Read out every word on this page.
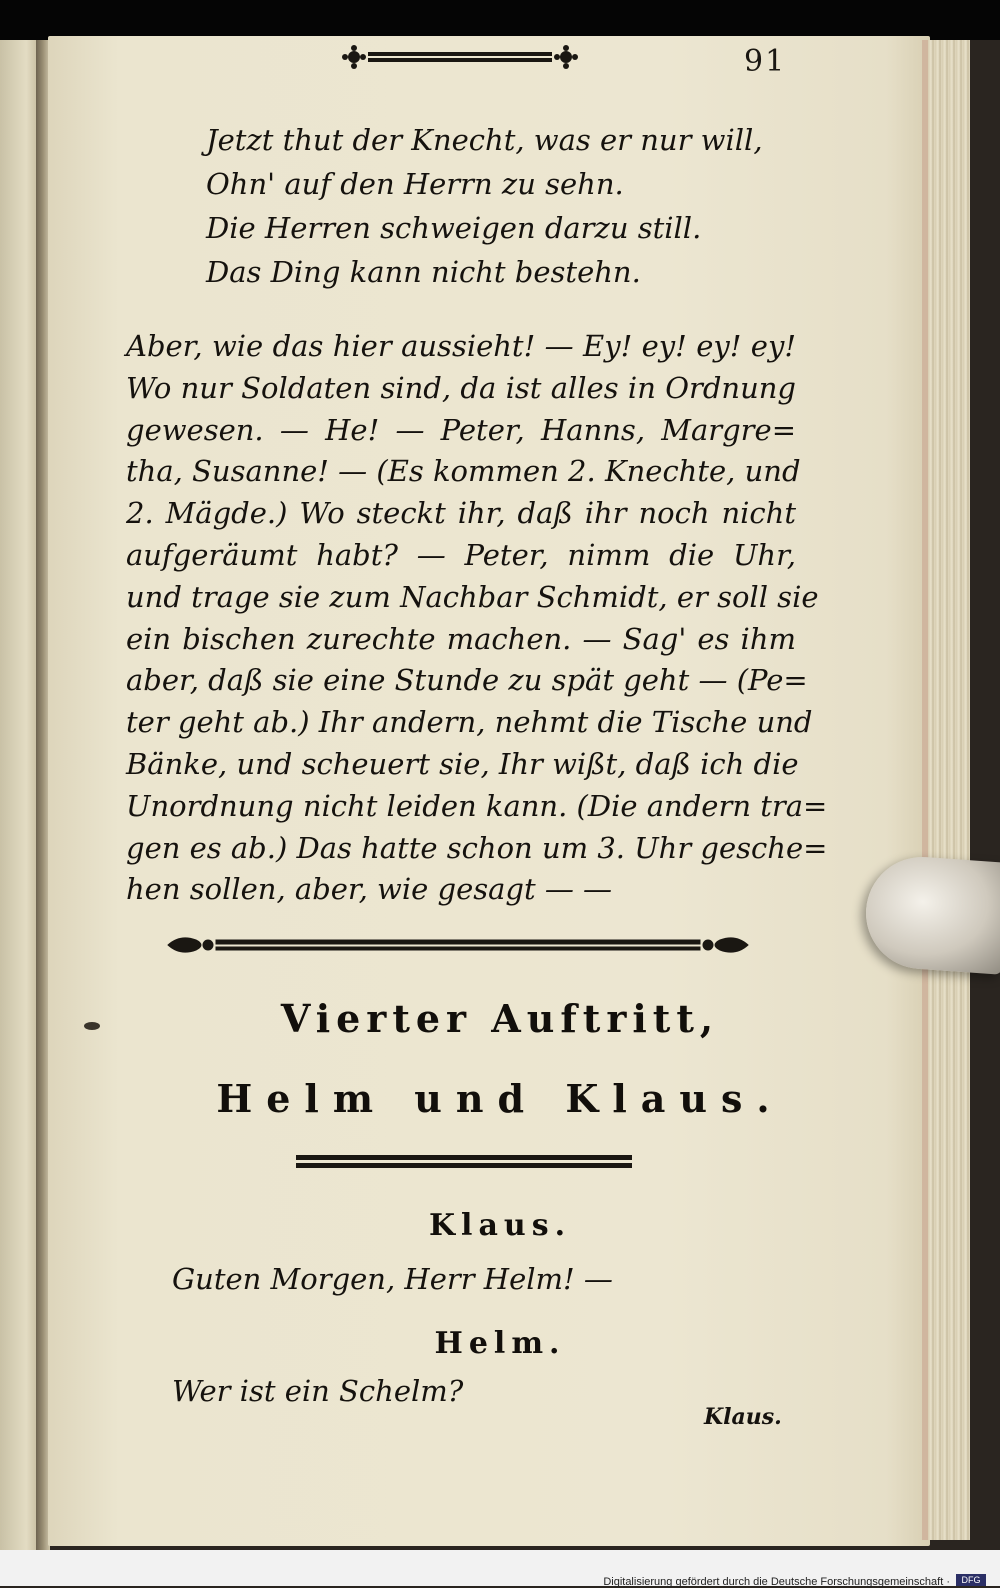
91
Jetzt thut der Knecht, was er nur will,
Ohn' auf den Herrn zu sehn.
Die Herren schweigen darzu still.
Das Ding kann nicht bestehn.
Aber, wie das hier aussieht! — Ey! ey! ey! ey!
Wo nur Soldaten sind, da ist alles in Ordnung
gewesen. — He! — Peter, Hanns, Margre=
tha, Susanne! — (Es kommen 2. Knechte, und
2. Mägde.) Wo steckt ihr, daß ihr noch nicht
aufgeräumt habt? — Peter, nimm die Uhr,
und trage sie zum Nachbar Schmidt, er soll sie
ein bischen zurechte machen. — Sag' es ihm
aber, daß sie eine Stunde zu spät geht — (Pe=
ter geht ab.) Ihr andern, nehmt die Tische und
Bänke, und scheuert sie, Ihr wißt, daß ich die
Unordnung nicht leiden kann. (Die andern tra=
gen es ab.) Das hatte schon um 3. Uhr gesche=
hen sollen, aber, wie gesagt — —
Vierter Auftritt,
Helm und Klaus.
Klaus.
Guten Morgen, Herr Helm! —
Helm.
Wer ist ein Schelm?
Klaus.
Digitalisierung gefördert durch die Deutsche Forschungsgemeinschaft ·	DFG
